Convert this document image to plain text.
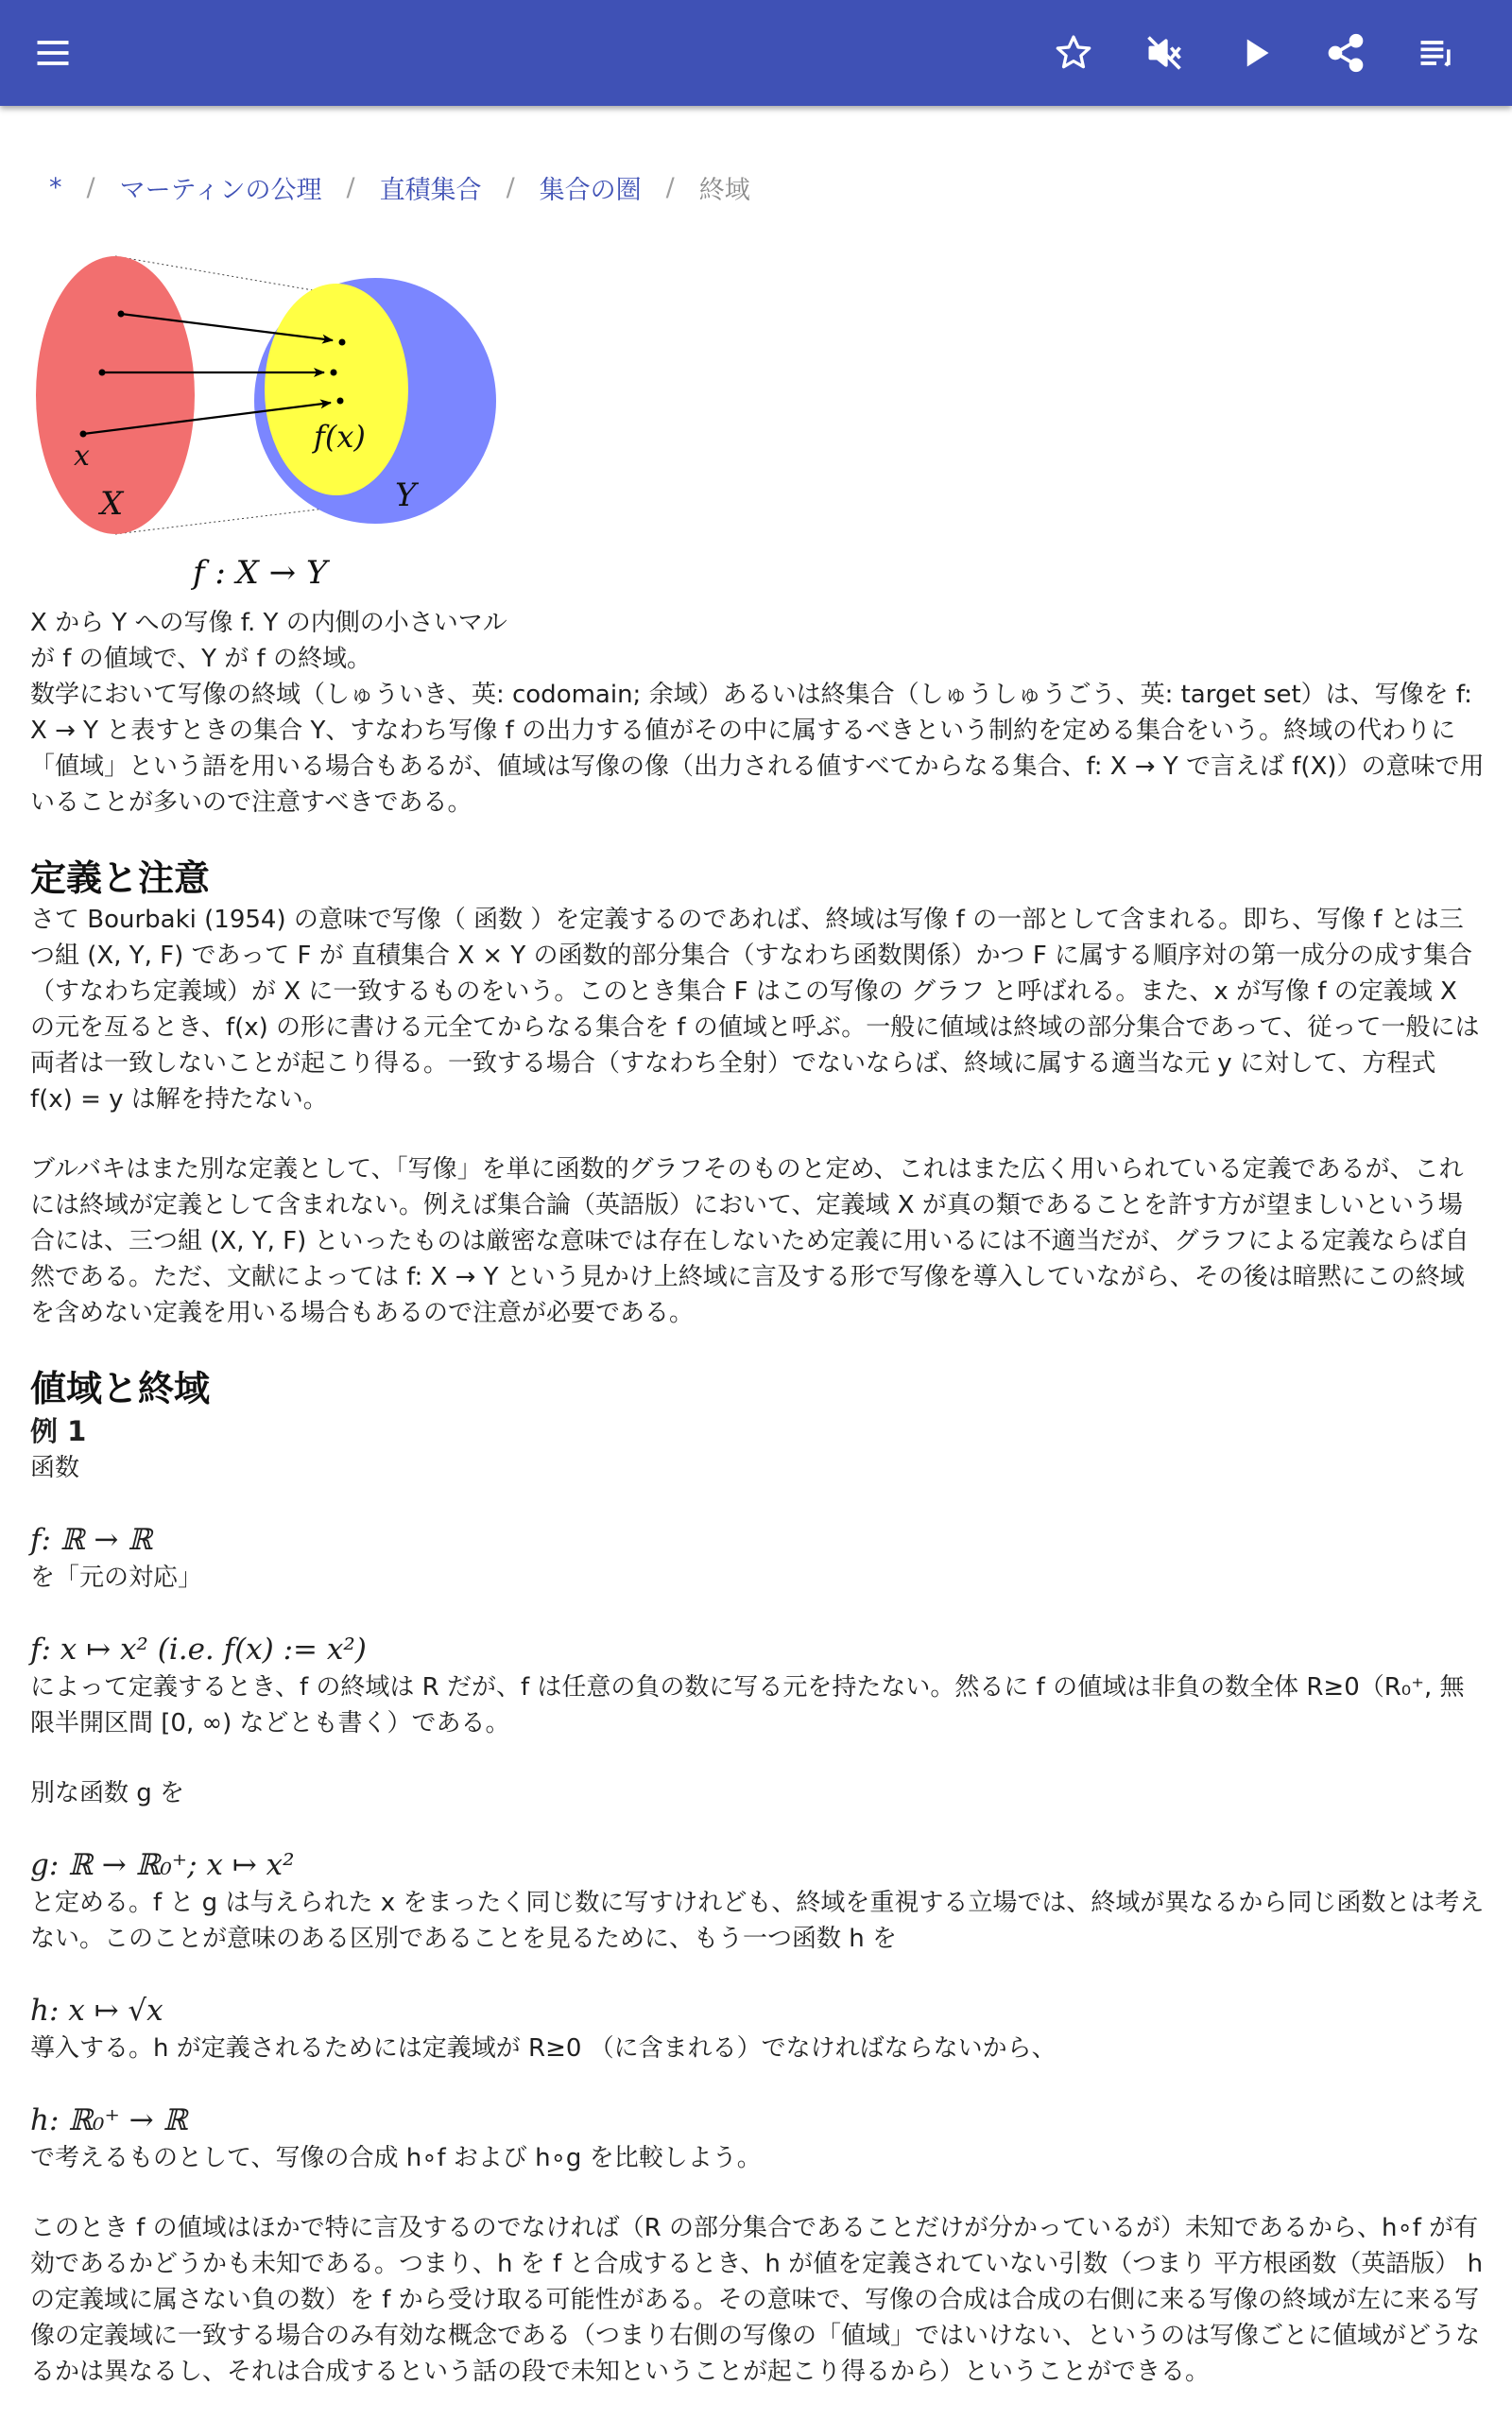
* / マーティンの公理 / 直積集合 / 集合の圏 / 終域
x
X
f(x)
Y
f : X → Y
X から Y への写像 f. Y の内側の小さいマル
が f の値域で、Y が f の終域。

数学において写像の終域（しゅういき、英: codomain; 余域）あるいは終集合（しゅうしゅうごう、英: target set）は、写像を f: X → Y と表すときの集合 Y、すなわち写像 f の出力する値がその中に属するべきという制約を定める集合をいう。終域の代わりに「値域」という語を用いる場合もあるが、値域は写像の像（出力される値すべてからなる集合、f: X → Y で言えば f(X)）の意味で用いることが多いので注意すべきである。

定義と注意

さて Bourbaki (1954) の意味で写像（ 函数 ）を定義するのであれば、終域は写像 f の一部として含まれる。即ち、写像 f とは三つ組 (X, Y, F) であって F が 直積集合 X × Y の函数的部分集合（すなわち函数関係）かつ F に属する順序対の第一成分の成す集合（すなわち定義域）が X に一致するものをいう。このとき集合 F はこの写像の グラフ と呼ばれる。また、x が写像 f の定義域 X の元を亙るとき、f(x) の形に書ける元全てからなる集合を f の値域と呼ぶ。一般に値域は終域の部分集合であって、従って一般には両者は一致しないことが起こり得る。一致する場合（すなわち全射）でないならば、終域に属する適当な元 y に対して、方程式 f(x) = y は解を持たない。

ブルバキはまた別な定義として、「写像」を単に函数的グラフそのものと定め、これはまた広く用いられている定義であるが、これには終域が定義として含まれない。例えば集合論（英語版）において、定義域 X が真の類であることを許す方が望ましいという場合には、三つ組 (X, Y, F) といったものは厳密な意味では存在しないため定義に用いるには不適当だが、グラフによる定義ならば自然である。ただ、文献によっては f: X → Y という見かけ上終域に言及する形で写像を導入していながら、その後は暗黙にこの終域を含めない定義を用いる場合もあるので注意が必要である。

値域と終域
例 1

函数

f: ℝ → ℝ

を「元の対応」

f: x ↦ x² (i.e. f(x) := x²)

によって定義するとき、f の終域は R だが、f は任意の負の数に写る元を持たない。然るに f の値域は非負の数全体 R≥0（R₀⁺, 無限半開区間 [0, ∞) などとも書く）である。

別な函数 g を

g: ℝ → ℝ₀⁺; x ↦ x²

と定める。f と g は与えられた x をまったく同じ数に写すけれども、終域を重視する立場では、終域が異なるから同じ函数とは考えない。このことが意味のある区別であることを見るために、もう一つ函数 h を

h: x ↦ √x

導入する。h が定義されるためには定義域が R≥0 （に含まれる）でなければならないから、

h: ℝ₀⁺ → ℝ

で考えるものとして、写像の合成 h∘f および h∘g を比較しよう。

このとき f の値域はほかで特に言及するのでなければ（R の部分集合であることだけが分かっているが）未知であるから、h∘f が有効であるかどうかも未知である。つまり、h を f と合成するとき、h が値を定義されていない引数（つまり 平方根函数（英語版） h の定義域に属さない負の数）を f から受け取る可能性がある。その意味で、写像の合成は合成の右側に来る写像の終域が左に来る写像の定義域に一致する場合のみ有効な概念である（つまり右側の写像の「値域」ではいけない、というのは写像ごとに値域がどうなるかは異なるし、それは合成するという話の段で未知ということが起こり得るから）ということができる。
